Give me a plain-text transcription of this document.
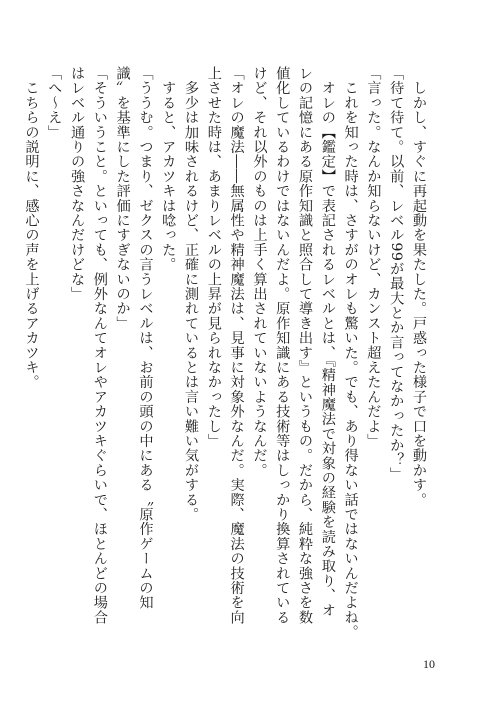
　しかし、すぐに再起動を果たした。戸惑った様子で口を動かす。
「待て待て。以前、レベル99が最大とか言ってなかったか？」
「言った。なんか知らないけど、カンスト超えたんだよ」
　これを知った時は、さすがのオレも驚いた。でも、あり得ない話ではないんだよね。
　オレの【鑑定】で表記されるレベルとは、『精神魔法で対象の経験を読み取り、オレの記憶にある原作知識と照合して導き出す』というもの。だから、純粋な強さを数値化しているわけではないんだよ。原作知識にある技術等はしっかり換算されているけど、それ以外のものは上手く算出されていないようなんだ。
「オレの魔法――無属性や精神魔法は、見事に対象外なんだ。実際、魔法の技術を向上させた時は、あまりレベルの上昇が見られなかったし」
　多少は加味されるけど、正確に測れているとは言い難い気がする。
　すると、アカツキは唸った。
「ううむ。つまり、ゼクスの言うレベルは、お前の頭の中にある〝原作ゲームの知識〟を基準にした評価にすぎないのか」
「そういうこと。といっても、例外なんてオレやアカツキぐらいで、ほとんどの場合はレベル通りの強さなんだけどな」
「へ～え」
　こちらの説明に、感心の声を上げるアカツキ。
10
